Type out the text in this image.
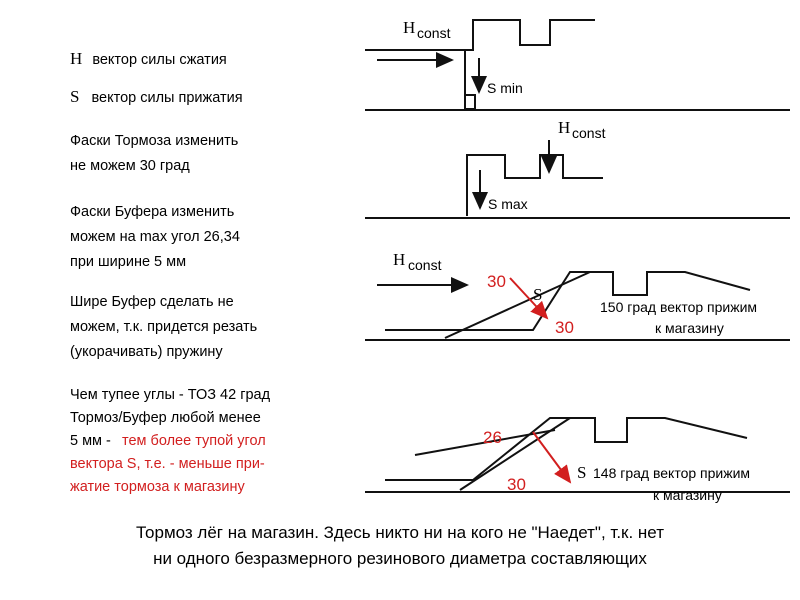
H вектор силы сжатия
S вектор силы прижатия
Фаски Тормоза изменить
не можем 30 град
Фаски Буфера изменить
можем на max угол 26,34
при ширине 5 мм
Шире Буфер сделать не
можем, т.к. придется резать
(укорачивать) пружину
Чем тупее углы - ТОЗ 42 град
Тормоз/Буфер любой менее
5 мм - тем более тупой угол
вектора S, т.е. - меньше при-
жатие тормоза к магазину
H const
S min
H const
S max
H const
S
30
30
150 град вектор прижим
к магазину
S
26
30
148 град вектор прижим
к магазину
Тормоз лёг на магазин. Здесь никто ни на кого не "Наедет", т.к. нет
ни одного безразмерного резинового диаметра составляющих
